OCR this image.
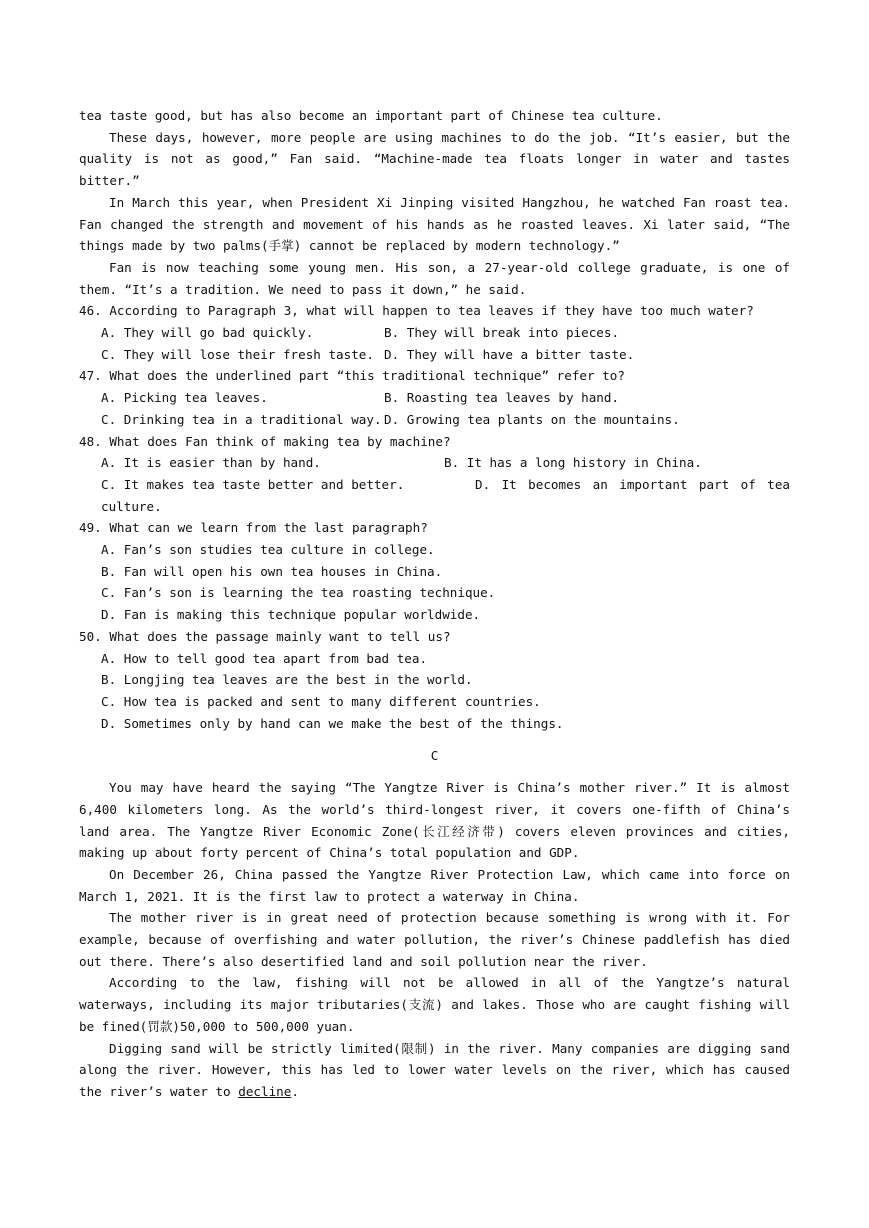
tea taste good, but has also become an important part of Chinese tea culture.

These days, however, more people are using machines to do the job. “It’s easier, but the quality is not as good,” Fan said. “Machine-made tea floats longer in water and tastes bitter.”

In March this year, when President Xi Jinping visited Hangzhou, he watched Fan roast tea. Fan changed the strength and movement of his hands as he roasted leaves. Xi later said, “The things made by two palms(手掌) cannot be replaced by modern technology.”

Fan is now teaching some young men. His son, a 27-year-old college graduate, is one of them. “It’s a tradition. We need to pass it down,” he said.

46. According to Paragraph 3, what will happen to tea leaves if they have too much water?

A. They will go bad quickly.	B. They will break into pieces.
C. They will lose their fresh taste. D. They will have a bitter taste.

47. What does the underlined part “this traditional technique” refer to?

A. Picking tea leaves.	B. Roasting tea leaves by hand.
C. Drinking tea in a traditional way. D. Growing tea plants on the mountains.

48. What does Fan think of making tea by machine?

A. It is easier than by hand.	B. It has a long history in China.

C. It makes tea taste better and better.	D. It becomes an important part of tea culture.

49. What can we learn from the last paragraph?

A. Fan’s son studies tea culture in college.

B. Fan will open his own tea houses in China.

C. Fan’s son is learning the tea roasting technique.

D. Fan is making this technique popular worldwide.

50. What does the passage mainly want to tell us?

A. How to tell good tea apart from bad tea.

B. Longjing tea leaves are the best in the world.

C. How tea is packed and sent to many different countries.

D. Sometimes only by hand can we make the best of the things.

C

You may have heard the saying “The Yangtze River is China’s mother river.” It is almost 6,400 kilometers long. As the world’s third-longest river, it covers one-fifth of China’s land area. The Yangtze River Economic Zone(长江经济带) covers eleven provinces and cities, making up about forty percent of China’s total population and GDP.

On December 26, China passed the Yangtze River Protection Law, which came into force on March 1, 2021. It is the first law to protect a waterway in China.

The mother river is in great need of protection because something is wrong with it. For example, because of overfishing and water pollution, the river’s Chinese paddlefish has died out there. There’s also desertified land and soil pollution near the river.

According to the law, fishing will not be allowed in all of the Yangtze’s natural waterways, including its major tributaries(支流) and lakes. Those who are caught fishing will be fined(罚款)50,000 to 500,000 yuan.

Digging sand will be strictly limited(限制) in the river. Many companies are digging sand along the river. However, this has led to lower water levels on the river, which has caused the river’s water to decline.
